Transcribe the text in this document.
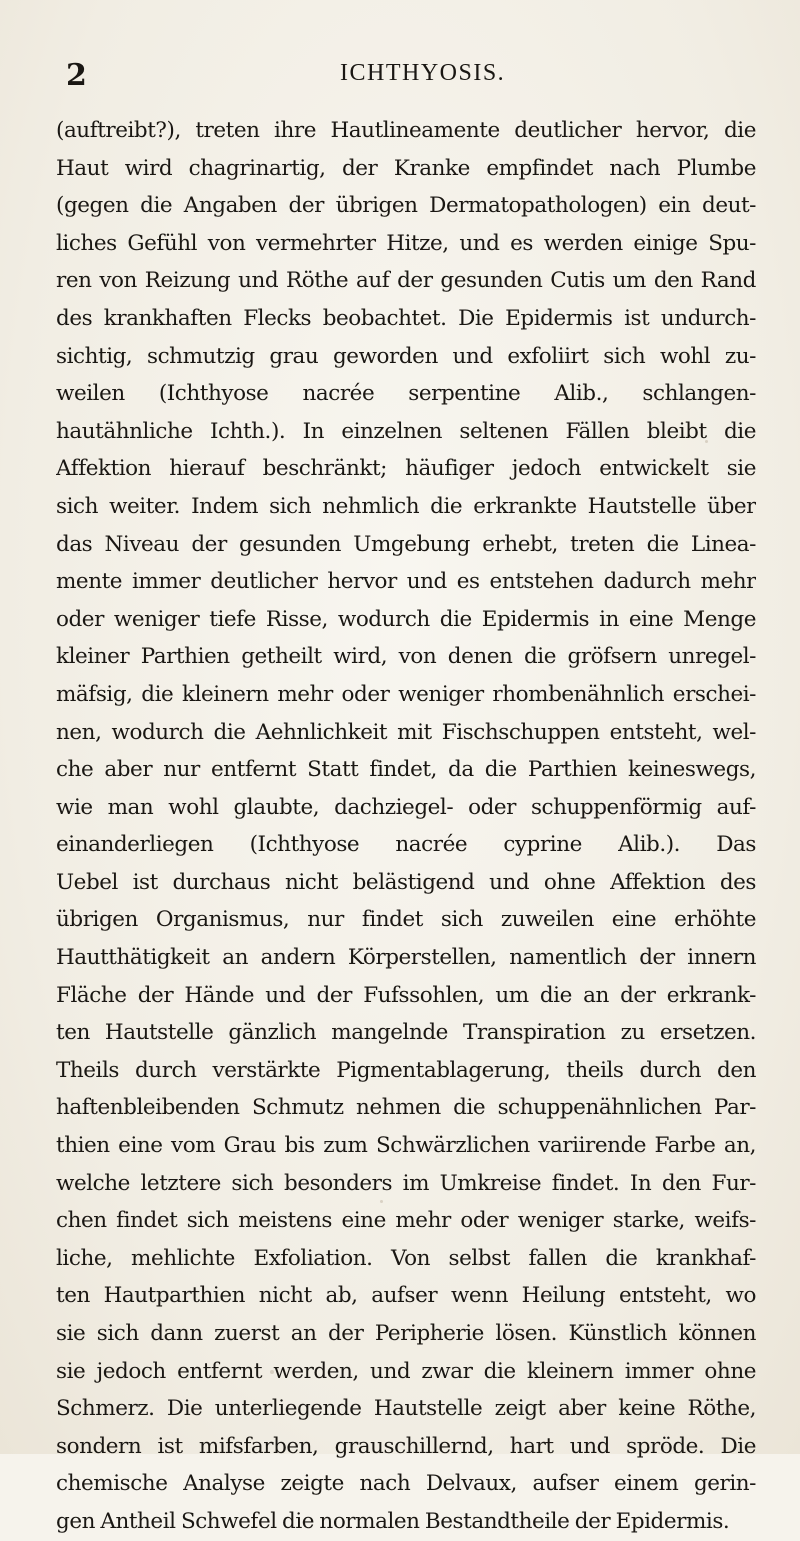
2	ICHTHYOSIS.
(auftreibt?), treten ihre Hautlineamente deutlicher hervor, die
Haut wird chagrinartig, der Kranke empfindet nach Plumbe
(gegen die Angaben der übrigen Dermatopathologen) ein deut-
liches Gefühl von vermehrter Hitze, und es werden einige Spu-
ren von Reizung und Röthe auf der gesunden Cutis um den Rand
des krankhaften Flecks beobachtet. Die Epidermis ist undurch-
sichtig, schmutzig grau geworden und exfoliirt sich wohl zu-
weilen (Ichthyose nacrée serpentine Alib., schlangen-
hautähnliche Ichth.). In einzelnen seltenen Fällen bleibt die
Affektion hierauf beschränkt; häufiger jedoch entwickelt sie
sich weiter. Indem sich nehmlich die erkrankte Hautstelle über
das Niveau der gesunden Umgebung erhebt, treten die Linea-
mente immer deutlicher hervor und es entstehen dadurch mehr
oder weniger tiefe Risse, wodurch die Epidermis in eine Menge
kleiner Parthien getheilt wird, von denen die gröfsern unregel-
mäfsig, die kleinern mehr oder weniger rhombenähnlich erschei-
nen, wodurch die Aehnlichkeit mit Fischschuppen entsteht, wel-
che aber nur entfernt Statt findet, da die Parthien keineswegs,
wie man wohl glaubte, dachziegel- oder schuppenförmig auf-
einanderliegen (Ichthyose nacrée cyprine Alib.). Das
Uebel ist durchaus nicht belästigend und ohne Affektion des
übrigen Organismus, nur findet sich zuweilen eine erhöhte
Hautthätigkeit an andern Körperstellen, namentlich der innern
Fläche der Hände und der Fufssohlen, um die an der erkrank-
ten Hautstelle gänzlich mangelnde Transpiration zu ersetzen.
Theils durch verstärkte Pigmentablagerung, theils durch den
haftenbleibenden Schmutz nehmen die schuppenähnlichen Par-
thien eine vom Grau bis zum Schwärzlichen variirende Farbe an,
welche letztere sich besonders im Umkreise findet. In den Fur-
chen findet sich meistens eine mehr oder weniger starke, weifs-
liche, mehlichte Exfoliation. Von selbst fallen die krankhaf-
ten Hautparthien nicht ab, aufser wenn Heilung entsteht, wo
sie sich dann zuerst an der Peripherie lösen. Künstlich können
sie jedoch entfernt werden, und zwar die kleinern immer ohne
Schmerz. Die unterliegende Hautstelle zeigt aber keine Röthe,
sondern ist mifsfarben, grauschillernd, hart und spröde. Die
chemische Analyse zeigte nach Delvaux, aufser einem gerin-
gen Antheil Schwefel die normalen Bestandtheile der Epidermis.
